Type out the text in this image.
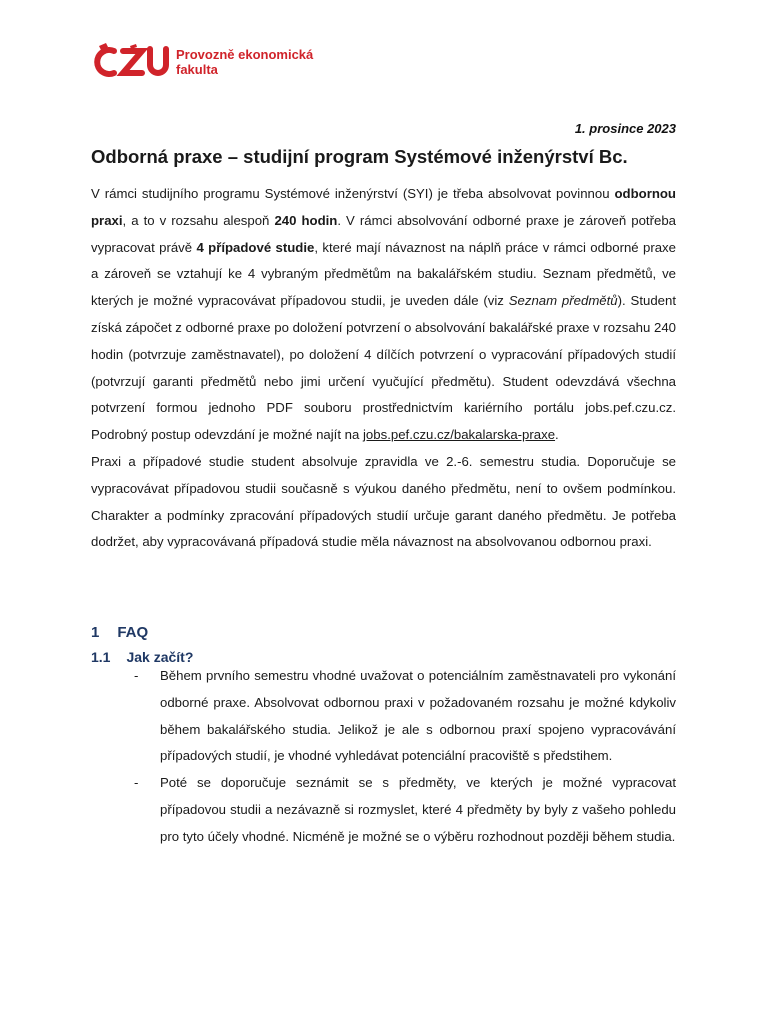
Provozně ekonomická
fakulta
1. prosince 2023
Odborná praxe – studijní program Systémové inženýrství Bc.

V rámci studijního programu Systémové inženýrství (SYI) je třeba absolvovat povinnou odbornou praxi, a to v rozsahu alespoň 240 hodin. V rámci absolvování odborné praxe je zároveň potřeba vypracovat právě 4 případové studie, které mají návaznost na náplň práce v rámci odborné praxe a zároveň se vztahují ke 4 vybraným předmětům na bakalářském studiu. Seznam předmětů, ve kterých je možné vypracovávat případovou studii, je uveden dále (viz Seznam předmětů). Student získá zápočet z odborné praxe po doložení potvrzení o absolvování bakalářské praxe v rozsahu 240 hodin (potvrzuje zaměstnavatel), po doložení 4 dílčích potvrzení o vypracování případových studií (potvrzují garanti předmětů nebo jimi určení vyučující předmětu). Student odevzdává všechna potvrzení formou jednoho PDF souboru prostřednictvím kariérního portálu jobs.pef.czu.cz. Podrobný postup odevzdání je možné najít na jobs.pef.czu.cz/bakalarska-praxe.

Praxi a případové studie student absolvuje zpravidla ve 2.-6. semestru studia. Doporučuje se vypracovávat případovou studii současně s výukou daného předmětu, není to ovšem podmínkou. Charakter a podmínky zpracování případových studií určuje garant daného předmětu. Je potřeba dodržet, aby vypracovávaná případová studie měla návaznost na absolvovanou odbornou praxi.

1 FAQ
1.1 Jak začít?
- Během prvního semestru vhodné uvažovat o potenciálním zaměstnavateli pro vykonání odborné praxe. Absolvovat odbornou praxi v požadovaném rozsahu je možné kdykoliv během bakalářského studia. Jelikož je ale s odbornou praxí spojeno vypracovávání případových studií, je vhodné vyhledávat potenciální pracoviště s předstihem.
- Poté se doporučuje seznámit se s předměty, ve kterých je možné vypracovat případovou studii a nezávazně si rozmyslet, které 4 předměty by byly z vašeho pohledu pro tyto účely vhodné. Nicméně je možné se o výběru rozhodnout později během studia.
